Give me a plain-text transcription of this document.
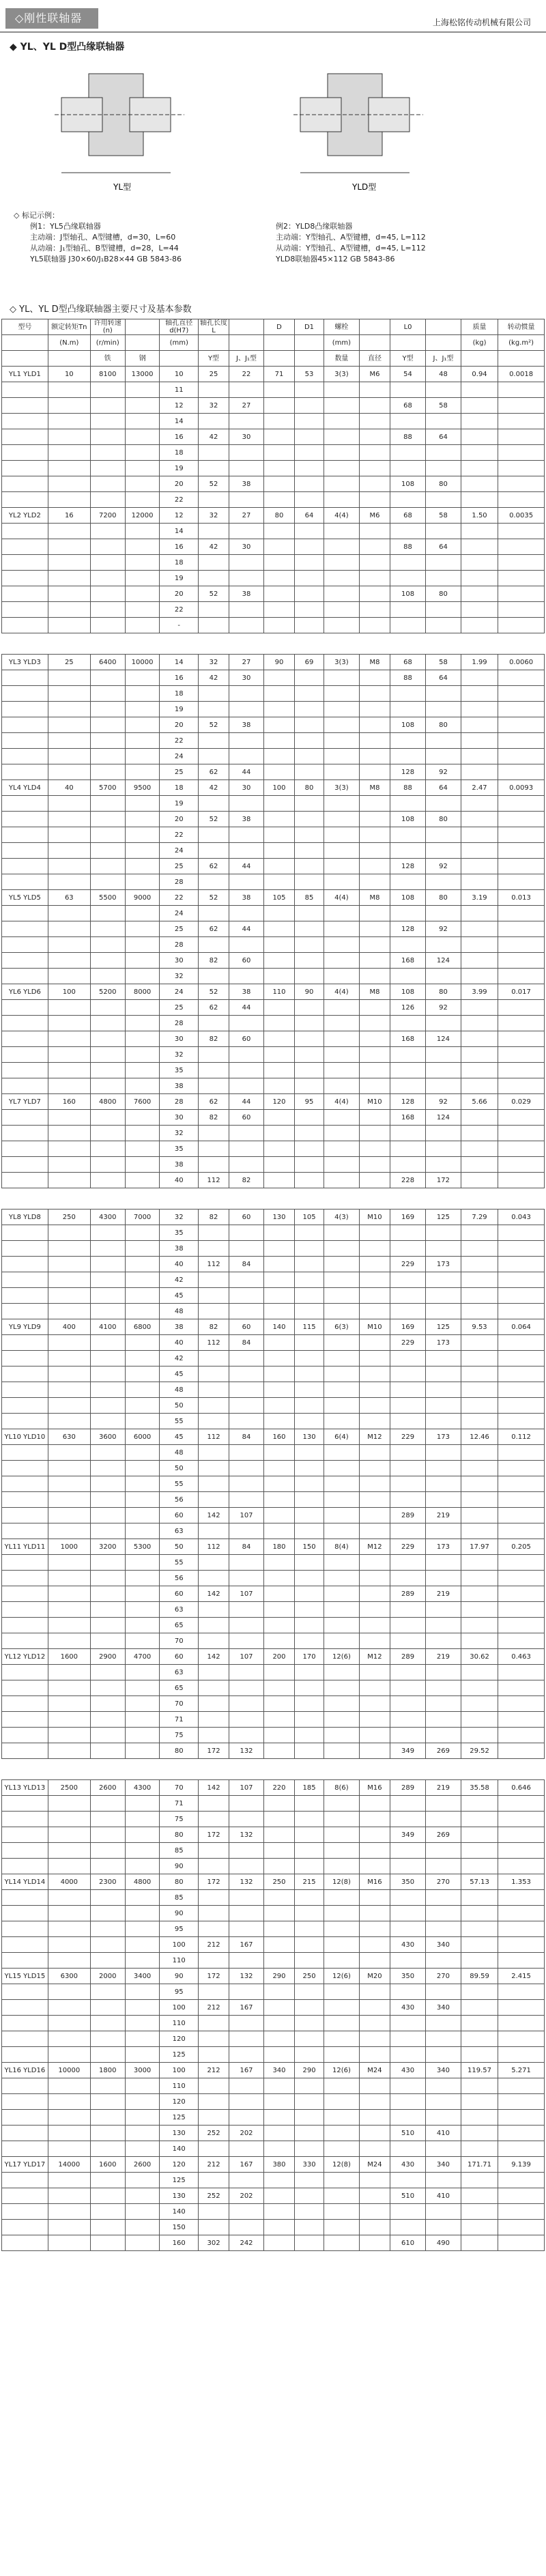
◇刚性联轴器	上海松铭传动机械有限公司
◆ YL、YL D型凸缘联轴器
YL型	YLD型
◇ 标记示例：
例1：YL5凸缘联轴器
主动端：J型轴孔、A型键槽，d=30，L=60
从动端：J₁型轴孔、B型键槽，d=28，L=44
YL5联轴器 J30×60/J₁B28×44 GB 5843-86
例2：YLD8凸缘联轴器
主动端：Y型轴孔、A型键槽，d=45, L=112
从动端：Y型轴孔、A型键槽，d=45, L=112
YLD8联轴器45×112 GB 5843-86
◇ YL、YL D型凸缘联轴器主要尺寸及基本参数
型号	额定转矩Tn	许用转速(n)		轴孔直径d(H7)	轴孔长度L		D	D1	螺栓		L0		质量	转动惯量
	(N.m)	(r/min)		(mm)					(mm)				(kg)	(kg.m²)
		铁	钢		Y型	J、J₁型			数量	直径	Y型	J、J₁型		
YL1 YLD1	10	8100	13000	10	25	22	71	53	3(3)	M6	54	48	0.94	0.0018
				11										
				12	32	27					68	58		
				14										
				16	42	30					88	64		
				18										
				19										
				20	52	38					108	80		
				22										
YL2 YLD2	16	7200	12000	12	32	27	80	64	4(4)	M6	68	58	1.50	0.0035
				14										
				16	42	30					88	64		
				18										
				19										
				20	52	38					108	80		
				22										
				-										
YL3 YLD3	25	6400	10000	14	32	27	90	69	3(3)	M8	68	58	1.99	0.0060
				16	42	30					88	64		
				18										
				19										
				20	52	38					108	80		
				22										
				24										
				25	62	44					128	92		
YL4 YLD4	40	5700	9500	18	42	30	100	80	3(3)	M8	88	64	2.47	0.0093
				19										
				20	52	38					108	80		
				22										
				24										
				25	62	44					128	92		
				28										
YL5 YLD5	63	5500	9000	22	52	38	105	85	4(4)	M8	108	80	3.19	0.013
				24										
				25	62	44					128	92		
				28										
				30	82	60					168	124		
				32										
YL6 YLD6	100	5200	8000	24	52	38	110	90	4(4)	M8	108	80	3.99	0.017
				25	62	44					126	92		
				28										
				30	82	60					168	124		
				32										
				35										
				38										
YL7 YLD7	160	4800	7600	28	62	44	120	95	4(4)	M10	128	92	5.66	0.029
				30	82	60					168	124		
				32										
				35										
				38										
				40	112	82					228	172		
YL8 YLD8	250	4300	7000	32	82	60	130	105	4(3)	M10	169	125	7.29	0.043
				35										
				38										
				40	112	84					229	173		
				42										
				45										
				48										
YL9 YLD9	400	4100	6800	38	82	60	140	115	6(3)	M10	169	125	9.53	0.064
				40	112	84					229	173		
				42										
				45										
				48										
				50										
				55										
YL10 YLD10	630	3600	6000	45	112	84	160	130	6(4)	M12	229	173	12.46	0.112
				48										
				50										
				55										
				56										
				60	142	107					289	219		
				63										
YL11 YLD11	1000	3200	5300	50	112	84	180	150	8(4)	M12	229	173	17.97	0.205
				55										
				56										
				60	142	107					289	219		
				63										
				65										
				70										
YL12 YLD12	1600	2900	4700	60	142	107	200	170	12(6)	M12	289	219	30.62	0.463
				63										
				65										
				70										
				71										
				75										
				80	172	132					349	269	29.52	
YL13 YLD13	2500	2600	4300	70	142	107	220	185	8(6)	M16	289	219	35.58	0.646
				71										
				75										
				80	172	132					349	269		
				85										
				90										
YL14 YLD14	4000	2300	4800	80	172	132	250	215	12(8)	M16	350	270	57.13	1.353
				85										
				90										
				95										
				100	212	167					430	340		
				110										
YL15 YLD15	6300	2000	3400	90	172	132	290	250	12(6)	M20	350	270	89.59	2.415
				95										
				100	212	167					430	340		
				110										
				120										
				125										
YL16 YLD16	10000	1800	3000	100	212	167	340	290	12(6)	M24	430	340	119.57	5.271
				110										
				120										
				125										
				130	252	202					510	410		
				140										
YL17 YLD17	14000	1600	2600	120	212	167	380	330	12(8)	M24	430	340	171.71	9.139
				125										
				130	252	202					510	410		
				140										
				150										
				160	302	242					610	490		
